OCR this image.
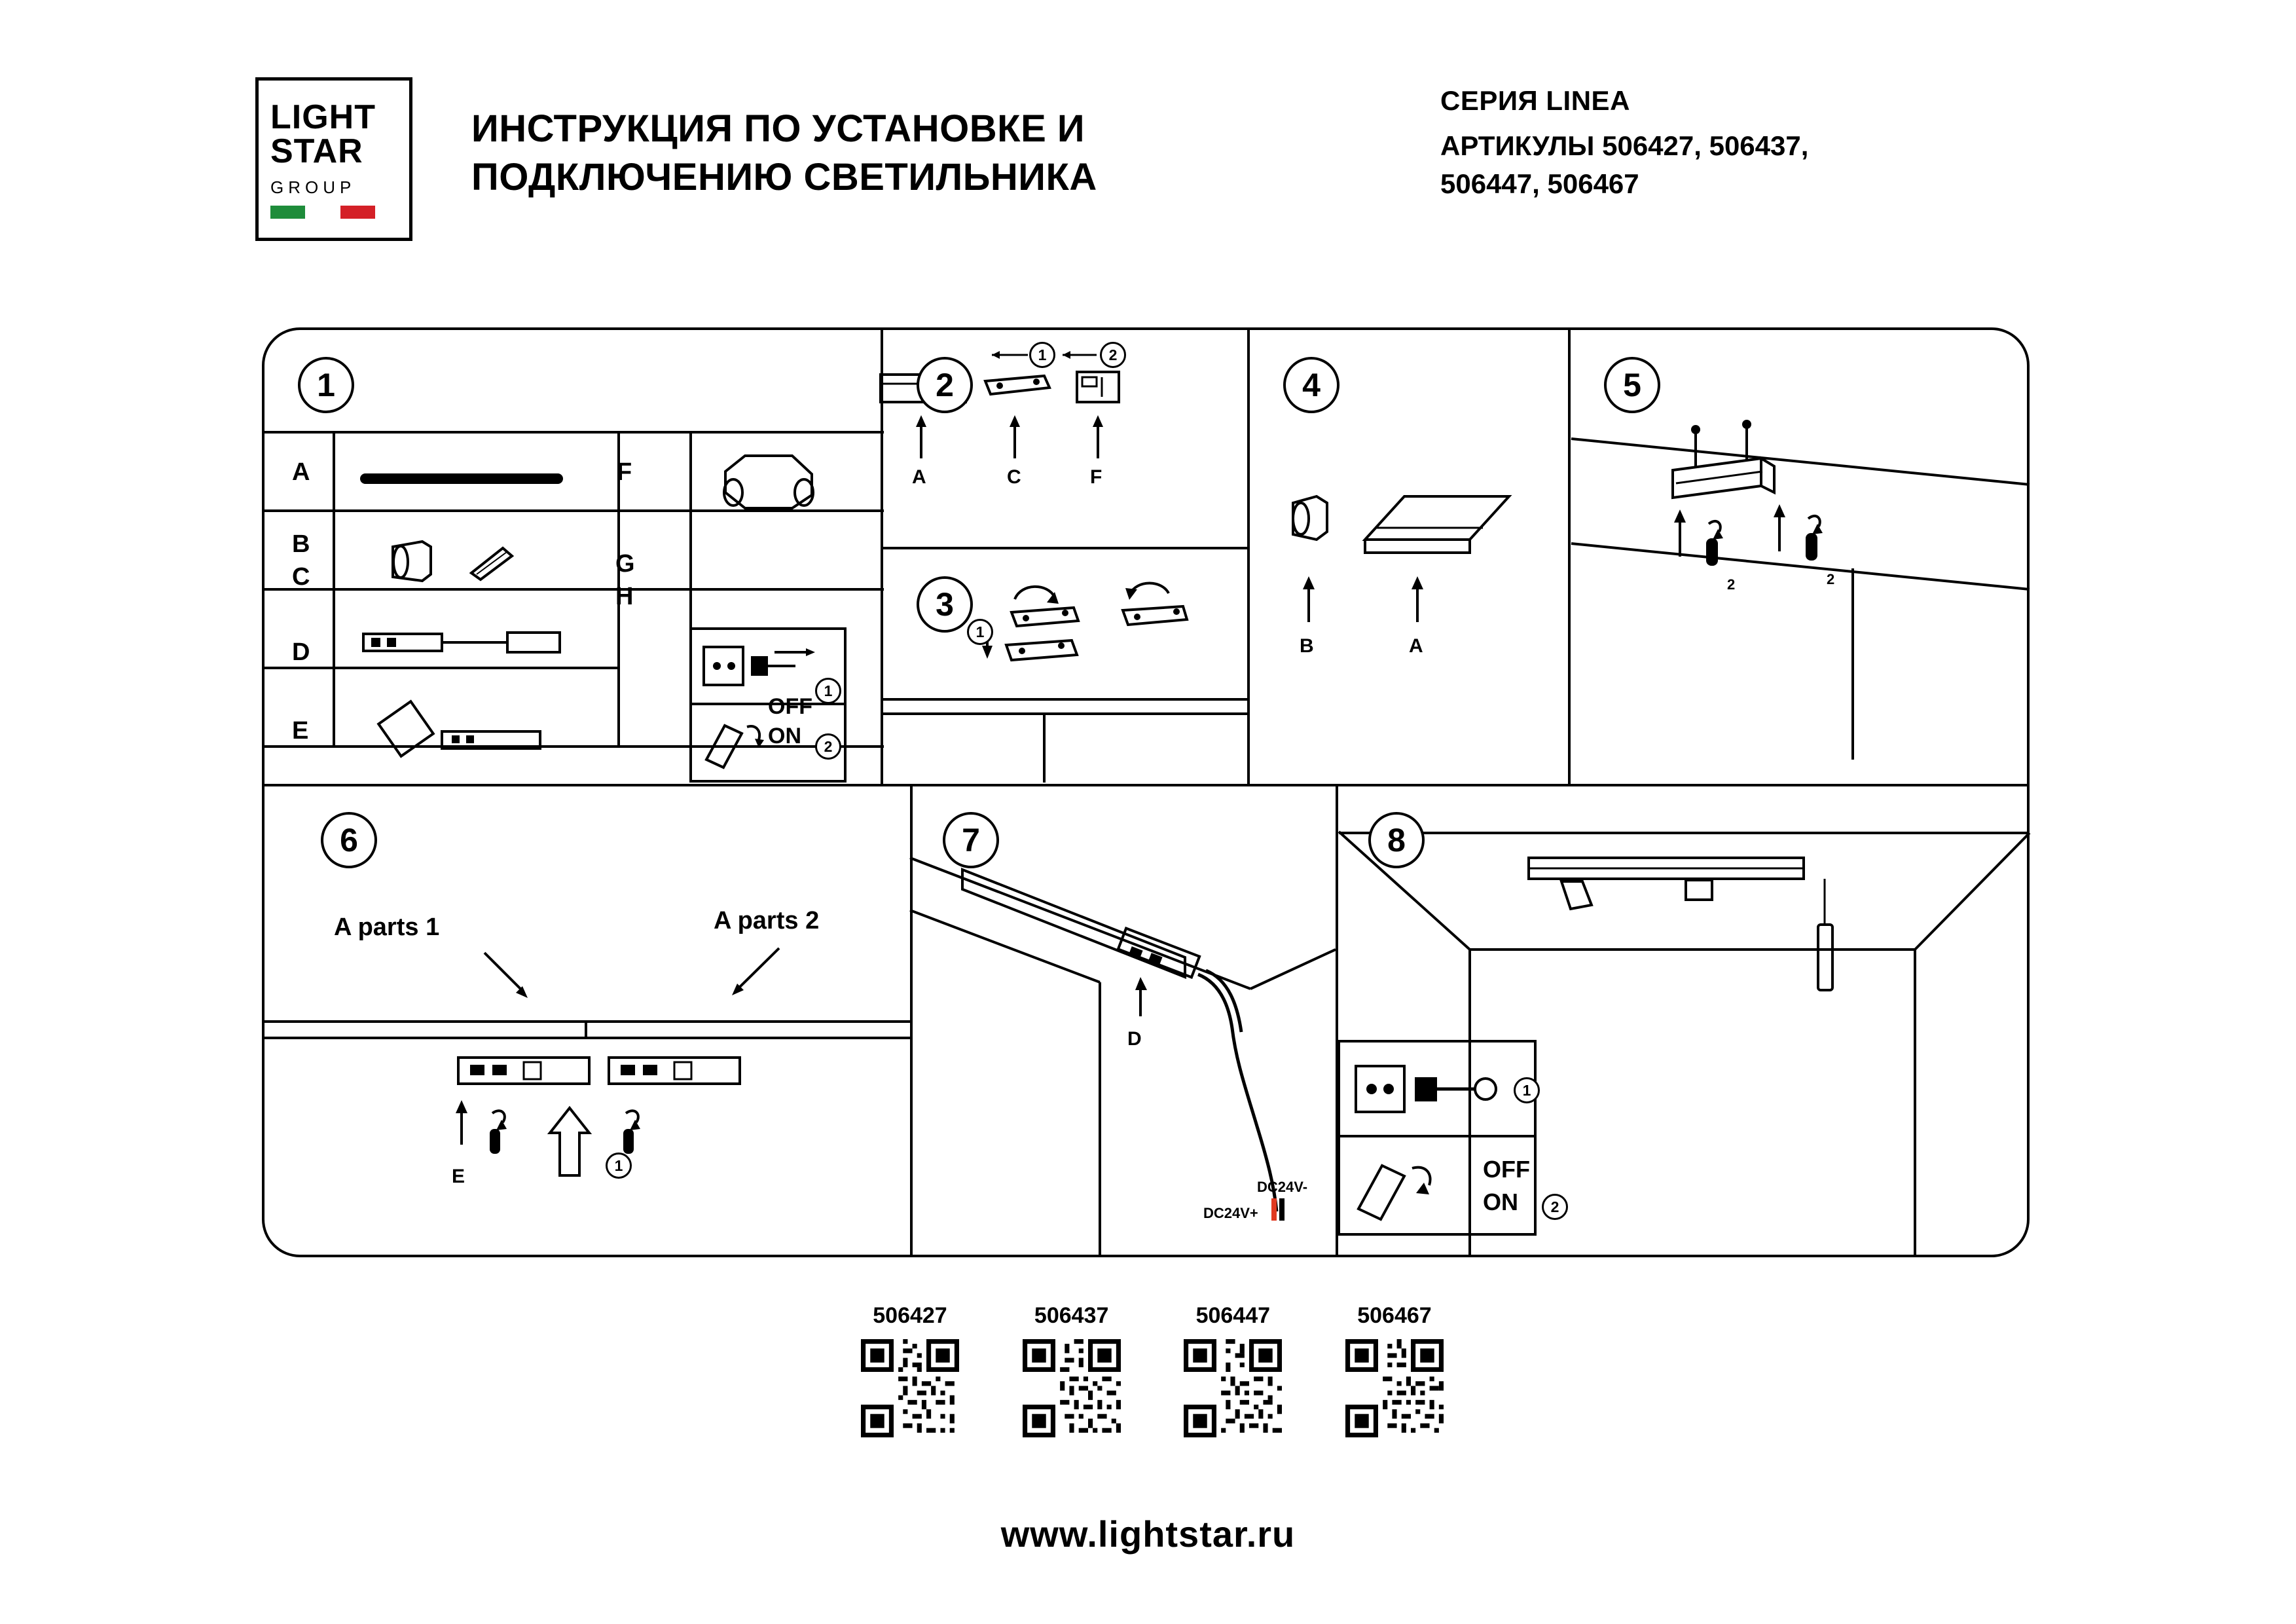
LIGHT
STAR
GROUP
ИНСТРУКЦИЯ ПО УСТАНОВКЕ И ПОДКЛЮЧЕНИЮ СВЕТИЛЬНИКА
СЕРИЯ LINEA
АРТИКУЛЫ 506427, 506437,
506447, 506467
1
A
B
C
D
E
F
G
H
1
OFF
ON	2
2
1	2
A	C	F
3
1
4
B	A
5
2	2
6
A parts 1	A parts 2
E
1
7
D
DC24V-
DC24V+
8
1
OFF
ON	2
506427	506437	506447	506467
www.lightstar.ru
